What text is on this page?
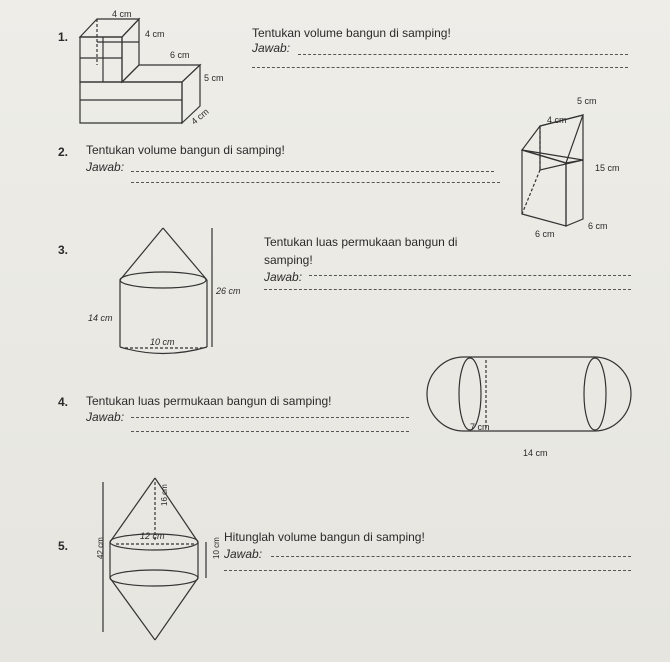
1.	Tentukan volume bangun di samping!
Jawab:
4 cm
4 cm
6 cm
5 cm
4 cm
5 cm
4 cm
15 cm
6 cm
6 cm
26 cm
14 cm
10 cm
7 cm
14 cm
16 cm
12 cm
42 cm	10 cm
2. Tentukan volume bangun di samping!
Jawab:
3.
Tentukan luas permukaan bangun di
samping!
Jawab:
4. Tentukan luas permukaan bangun di samping!
Jawab:
5.
Hitunglah volume bangun di samping!
Jawab:
